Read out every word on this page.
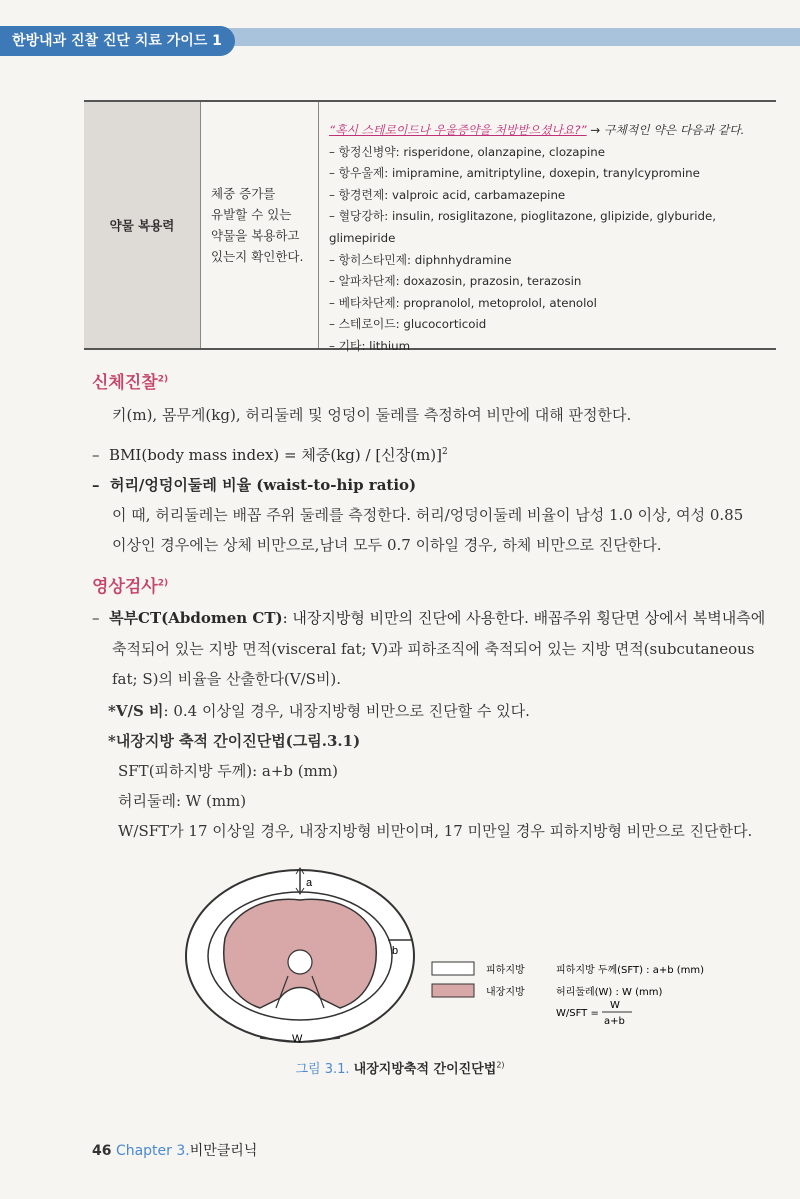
한방내과 진찰 진단 치료 가이드 1
약물 복용력
체중 증가를
유발할 수 있는
약물을 복용하고
있는지 확인한다.
“혹시 스테로이드나 우울증약을 처방받으셨나요?” → 구체적인 약은 다음과 같다.
– 항정신병약: risperidone, olanzapine, clozapine
– 항우울제: imipramine, amitriptyline, doxepin, tranylcypromine
– 항경련제: valproic acid, carbamazepine
– 혈당강하: insulin, rosiglitazone, pioglitazone, glipizide, glyburide, glimepiride
– 항히스타민제: diphnhydramine
– 알파차단제: doxazosin, prazosin, terazosin
– 베타차단제: propranolol, metoprolol, atenolol
– 스테로이드: glucocorticoid
– 기타: lithium
신체진찰$^{2)}$
키(m), 몸무게(kg), 허리둘레 및 엉덩이 둘레를 측정하여 비만에 대해 판정한다.
– BMI(body mass index) = 체중(kg) / [신장(m)]$^2$
– 허리/엉덩이둘레 비율 (waist-to-hip ratio)
이 때, 허리둘레는 배꼽 주위 둘레를 측정한다. 허리/엉덩이둘레 비율이 남성 1.0 이상, 여성 0.85
이상인 경우에는 상체 비만으로,남녀 모두 0.7 이하일 경우, 하체 비만으로 진단한다.
영상검사$^{2)}$
– 복부CT(Abdomen CT): 내장지방형 비만의 진단에 사용한다. 배꼽주위 횡단면 상에서 복벽내측에
축적되어 있는 지방 면적(visceral fat; V)과 피하조직에 축적되어 있는 지방 면적(subcutaneous
fat; S)의 비율을 산출한다(V/S비).
*V/S 비: 0.4 이상일 경우, 내장지방형 비만으로 진단할 수 있다.
*내장지방 축적 간이진단법(그림.3.1)
SFT(피하지방 두께): a+b (mm)
허리둘레: W (mm)
W/SFT가 17 이상일 경우, 내장지방형 비만이며, 17 미만일 경우 피하지방형 비만으로 진단한다.
a
b
W
피하지방
내장지방
피하지방 두께(SFT) : a+b (mm)
허리둘레(W) : W (mm)
W/SFT =
W
a+b
그림 3.1. 내장지방축적 간이진단법$^{2)}$
46 Chapter 3.비만클리닉
